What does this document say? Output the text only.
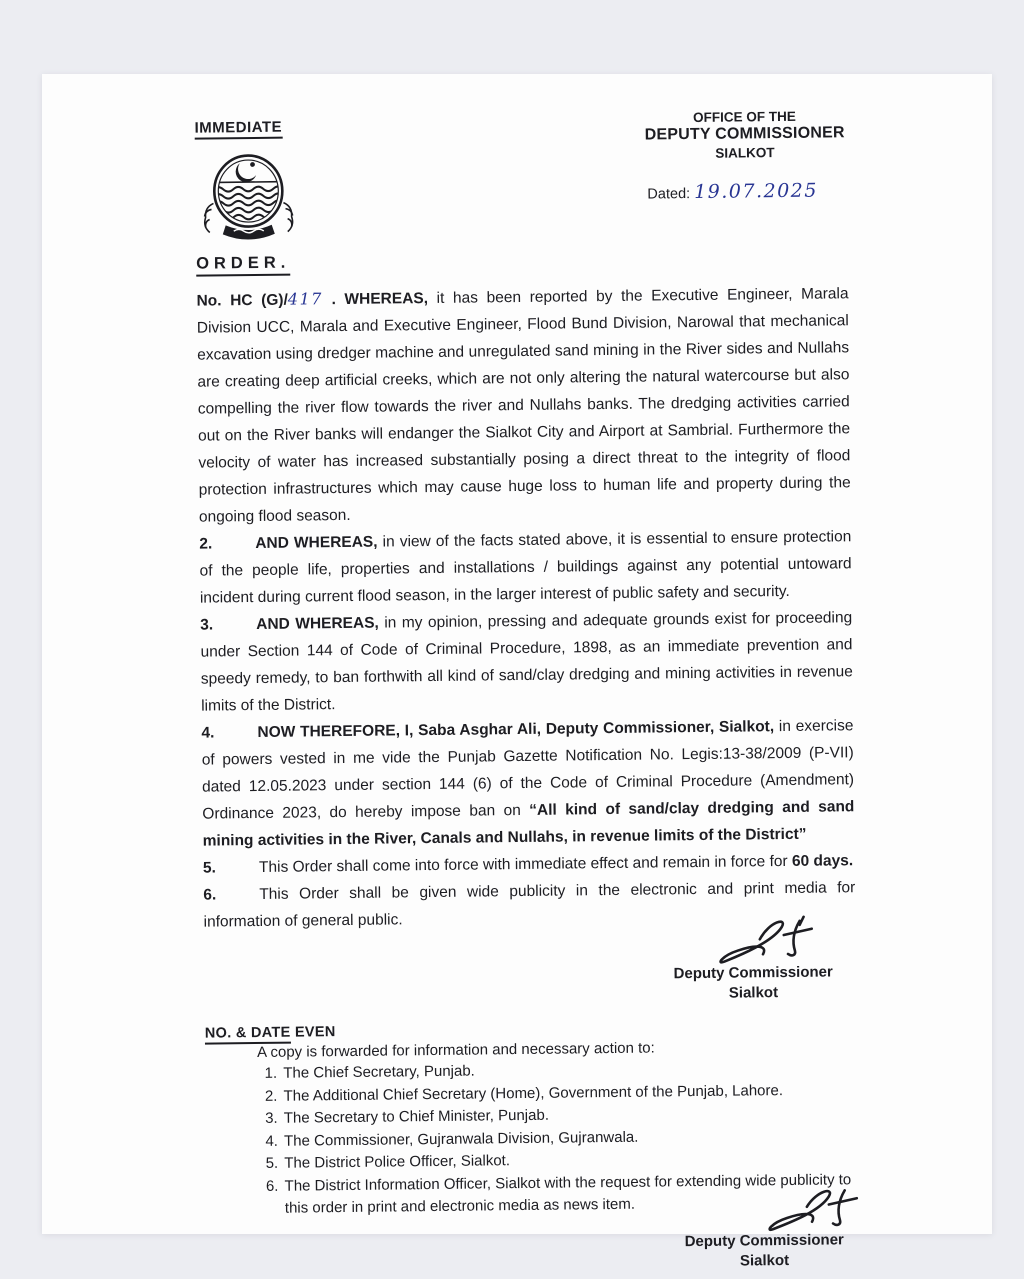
IMMEDIATE
ORDER.
OFFICE OF THE
DEPUTY COMMISSIONER
SIALKOT
Dated: 19.07.2025

No. HC (G)/417 . WHEREAS, it has been reported by the Executive Engineer, Marala Division UCC, Marala and Executive Engineer, Flood Bund Division, Narowal that mechanical excavation using dredger machine and unregulated sand mining in the River sides and Nullahs are creating deep artificial creeks, which are not only altering the natural watercourse but also compelling the river flow towards the river and Nullahs banks. The dredging activities carried out on the River banks will endanger the Sialkot City and Airport at Sambrial. Furthermore the velocity of water has increased substantially posing a direct threat to the integrity of flood protection infrastructures which may cause huge loss to human life and property during the ongoing flood season.

2.	AND WHEREAS, in view of the facts stated above, it is essential to ensure protection of the people life, properties and installations / buildings against any potential untoward incident during current flood season, in the larger interest of public safety and security.

3.	AND WHEREAS, in my opinion, pressing and adequate grounds exist for proceeding under Section 144 of Code of Criminal Procedure, 1898, as an immediate prevention and speedy remedy, to ban forthwith all kind of sand/clay dredging and mining activities in revenue limits of the District.

4.	NOW THEREFORE, I, Saba Asghar Ali, Deputy Commissioner, Sialkot, in exercise of powers vested in me vide the Punjab Gazette Notification No. Legis:13-38/2009 (P-VII) dated 12.05.2023 under section 144 (6) of the Code of Criminal Procedure (Amendment) Ordinance 2023, do hereby impose ban on “All kind of sand/clay dredging and sand mining activities in the River, Canals and Nullahs, in revenue limits of the District”

5.	This Order shall come into force with immediate effect and remain in force for 60 days.

6.	This Order shall be given wide publicity in the electronic and print media for information of general public.

Deputy Commissioner
Sialkot
NO. & DATE EVEN
A copy is forwarded for information and necessary action to:
1. The Chief Secretary, Punjab.
2. The Additional Chief Secretary (Home), Government of the Punjab, Lahore.
3. The Secretary to Chief Minister, Punjab.
4. The Commissioner, Gujranwala Division, Gujranwala.
5. The District Police Officer, Sialkot.
6. The District Information Officer, Sialkot with the request for extending wide publicity to this order in print and electronic media as news item.
Deputy Commissioner
Sialkot
